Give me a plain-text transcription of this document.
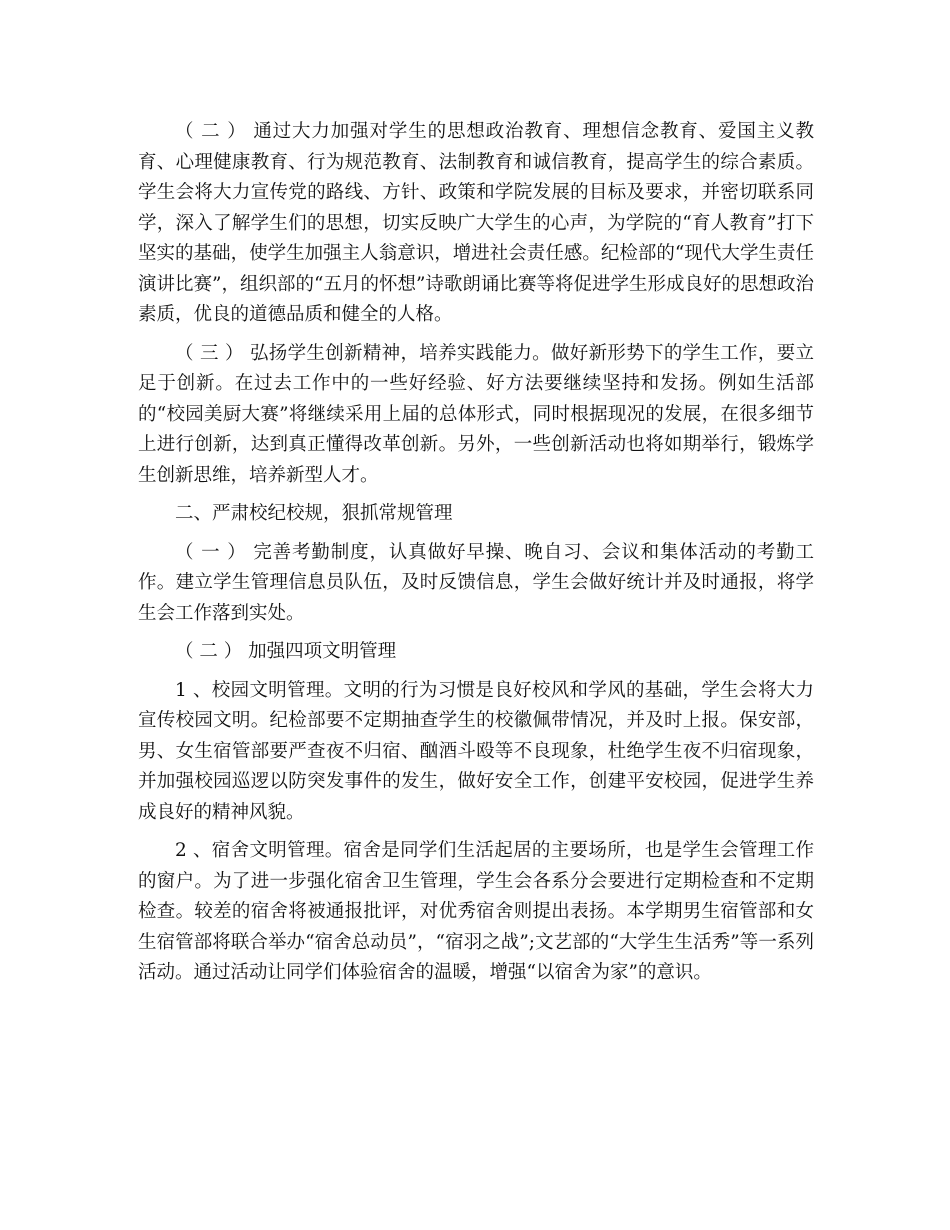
（ 二 ） 通过大力加强对学生的思想政治教育、理想信念教育、爱国主义教育、心理健康教育、行为规范教育、法制教育和诚信教育，提高学生的综合素质。学生会将大力宣传党的路线、方针、政策和学院发展的目标及要求，并密切联系同学，深入了解学生们的思想，切实反映广大学生的心声，为学院的“育人教育”打下坚实的基础，使学生加强主人翁意识，增进社会责任感。纪检部的“现代大学生责任演讲比赛”，组织部的“五月的怀想”诗歌朗诵比赛等将促进学生形成良好的思想政治素质，优良的道德品质和健全的人格。

（ 三 ） 弘扬学生创新精神，培养实践能力。做好新形势下的学生工作，要立足于创新。在过去工作中的一些好经验、好方法要继续坚持和发扬。例如生活部的“校园美厨大赛”将继续采用上届的总体形式，同时根据现况的发展，在很多细节上进行创新，达到真正懂得改革创新。另外，一些创新活动也将如期举行，锻炼学生创新思维，培养新型人才。

二、严肃校纪校规，狠抓常规管理

（ 一 ） 完善考勤制度，认真做好早操、晚自习、会议和集体活动的考勤工作。建立学生管理信息员队伍，及时反馈信息，学生会做好统计并及时通报，将学生会工作落到实处。

（ 二 ） 加强四项文明管理

1 、校园文明管理。文明的行为习惯是良好校风和学风的基础，学生会将大力宣传校园文明。纪检部要不定期抽查学生的校徽佩带情况，并及时上报。保安部，男、女生宿管部要严查夜不归宿、酗酒斗殴等不良现象，杜绝学生夜不归宿现象，并加强校园巡逻以防突发事件的发生，做好安全工作，创建平安校园，促进学生养成良好的精神风貌。

2 、宿舍文明管理。宿舍是同学们生活起居的主要场所，也是学生会管理工作的窗户。为了进一步强化宿舍卫生管理，学生会各系分会要进行定期检查和不定期检查。较差的宿舍将被通报批评，对优秀宿舍则提出表扬。本学期男生宿管部和女生宿管部将联合举办“宿舍总动员”，“宿羽之战”;文艺部的“大学生生活秀”等一系列活动。通过活动让同学们体验宿舍的温暖，增强“以宿舍为家”的意识。
